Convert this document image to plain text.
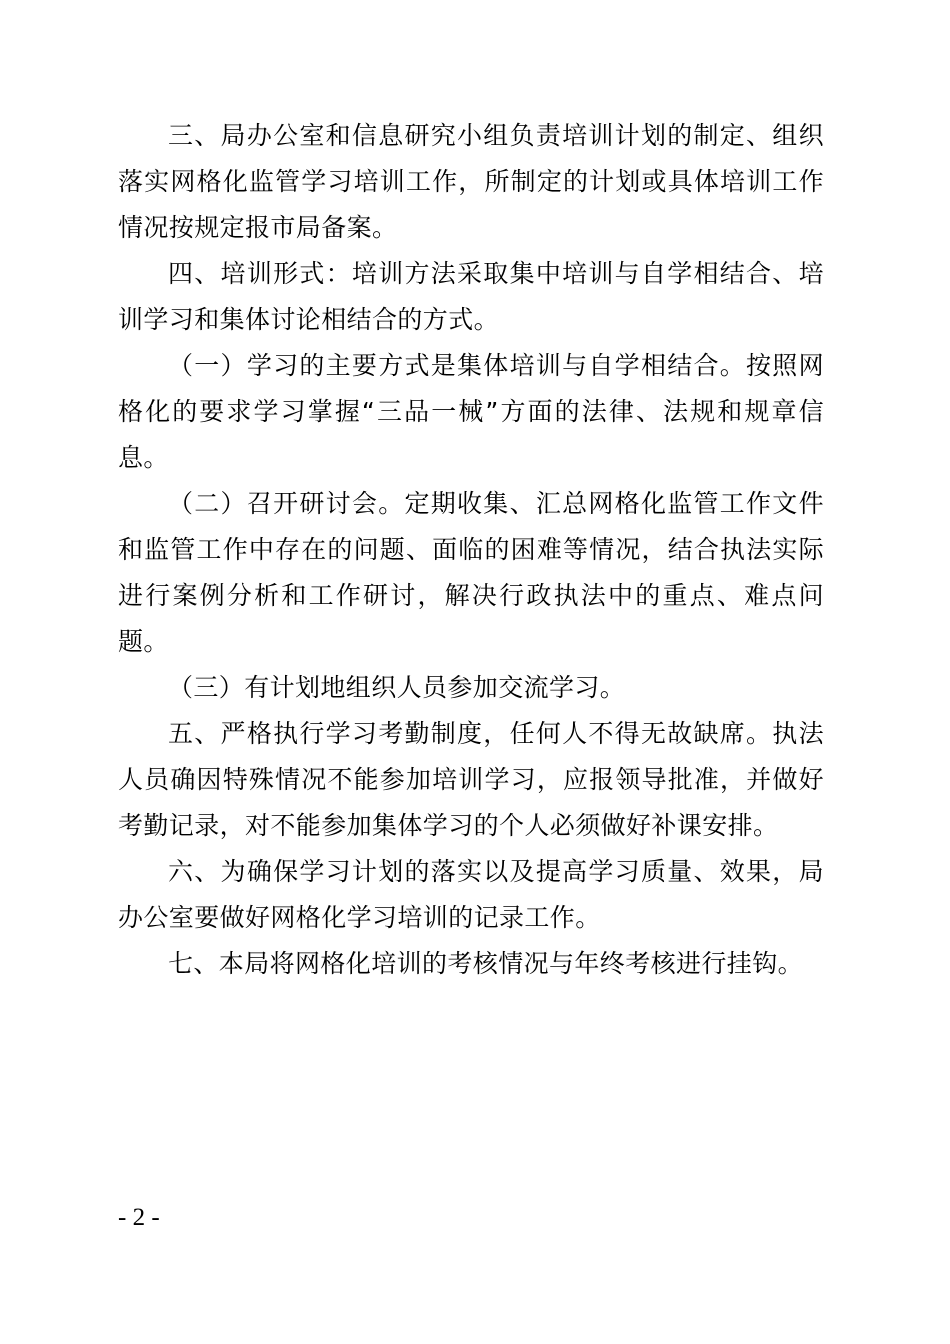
三、局办公室和信息研究小组负责培训计划的制定、组织落实网格化监管学习培训工作，所制定的计划或具体培训工作情况按规定报市局备案。

四、培训形式：培训方法采取集中培训与自学相结合、培训学习和集体讨论相结合的方式。

（一）学习的主要方式是集体培训与自学相结合。按照网格化的要求学习掌握“三品一械”方面的法律、法规和规章信息。

（二）召开研讨会。定期收集、汇总网格化监管工作文件和监管工作中存在的问题、面临的困难等情况，结合执法实际进行案例分析和工作研讨，解决行政执法中的重点、难点问题。

（三）有计划地组织人员参加交流学习。

五、严格执行学习考勤制度，任何人不得无故缺席。执法人员确因特殊情况不能参加培训学习，应报领导批准，并做好考勤记录，对不能参加集体学习的个人必须做好补课安排。

六、为确保学习计划的落实以及提高学习质量、效果，局办公室要做好网格化学习培训的记录工作。

七、本局将网格化培训的考核情况与年终考核进行挂钩。

- 2 -
